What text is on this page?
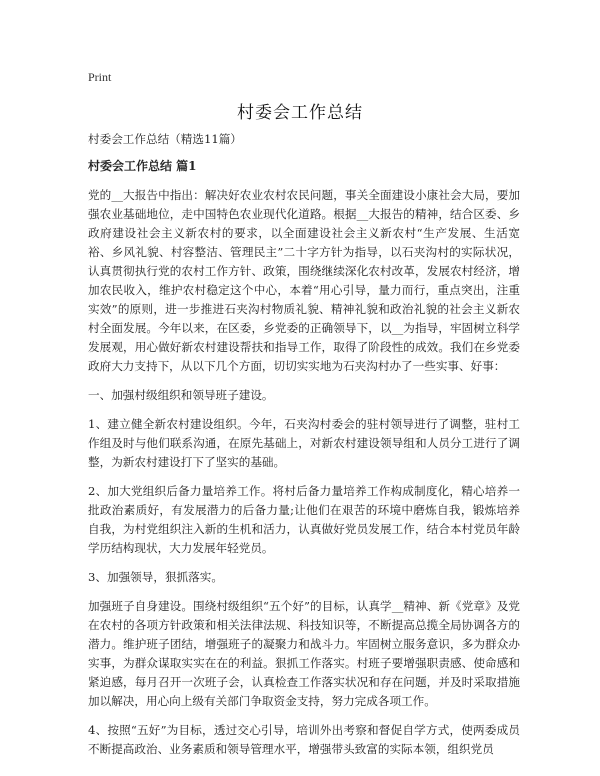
Print
村委会工作总结

村委会工作总结（精选11篇）

村委会工作总结 篇1

党的__大报告中指出：解决好农业农村农民问题，事关全面建设小康社会大局，要加强农业基础地位，走中国特色农业现代化道路。根据__大报告的精神，结合区委、乡政府建设社会主义新农村的要求，以全面建设社会主义新农村“生产发展、生活宽裕、乡风礼貌、村容整洁、管理民主”二十字方针为指导，以石夹沟村的实际状况，认真贯彻执行党的农村工作方针、政策，围绕继续深化农村改革，发展农村经济，增加农民收入，维护农村稳定这个中心，本着“用心引导，量力而行，重点突出，注重实效”的原则，进一步推进石夹沟村物质礼貌、精神礼貌和政治礼貌的社会主义新农村全面发展。今年以来，在区委，乡党委的正确领导下，以__为指导，牢固树立科学发展观，用心做好新农村建设帮扶和指导工作，取得了阶段性的成效。我们在乡党委政府大力支持下，从以下几个方面，切切实实地为石夹沟村办了一些实事、好事：

一、加强村级组织和领导班子建设。

1、建立健全新农村建设组织。今年，石夹沟村委会的驻村领导进行了调整，驻村工作组及时与他们联系沟通，在原先基础上，对新农村建设领导组和人员分工进行了调整，为新农村建设打下了坚实的基础。

2、加大党组织后备力量培养工作。将村后备力量培养工作构成制度化，精心培养一批政治素质好，有发展潜力的后备力量;让他们在艰苦的环境中磨炼自我，锻炼培养自我，为村党组织注入新的生机和活力，认真做好党员发展工作，结合本村党员年龄学历结构现状，大力发展年轻党员。

3、加强领导，狠抓落实。

加强班子自身建设。围绕村级组织“五个好”的目标，认真学__精神、新《党章》及党在农村的各项方针政策和相关法律法规、科技知识等，不断提高总揽全局协调各方的潜力。维护班子团结，增强班子的凝聚力和战斗力。牢固树立服务意识，多为群众办实事，为群众谋取实实在在的利益。狠抓工作落实。村班子要增强职责感、使命感和紧迫感，每月召开一次班子会，认真检查工作落实状况和存在问题，并及时采取措施加以解决，用心向上级有关部门争取资金支持，努力完成各项工作。

4、按照“五好”为目标，透过交心引导，培训外出考察和督促自学方式，使两委成员不断提高政治、业务素质和领导管理水平，增强带头致富的实际本领，组织党员
